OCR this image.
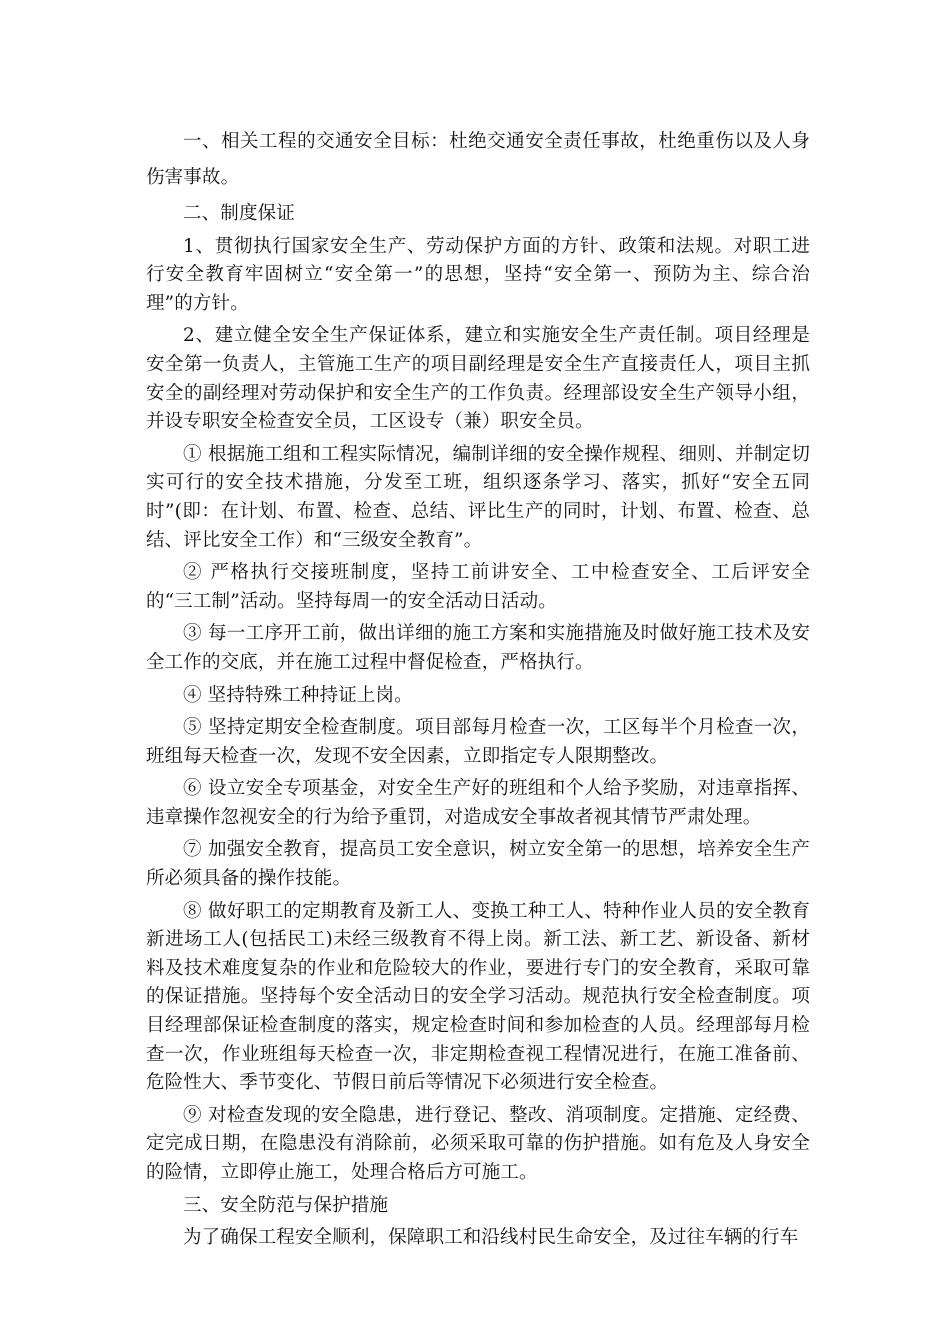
一、相关工程的交通安全目标：杜绝交通安全责任事故，杜绝重伤以及人身伤害事故。

二、制度保证

1、贯彻执行国家安全生产、劳动保护方面的方针、政策和法规。对职工进行安全教育牢固树立“安全第一”的思想，坚持“安全第一、预防为主、综合治理”的方针。

2、建立健全安全生产保证体系，建立和实施安全生产责任制。项目经理是安全第一负责人，主管施工生产的项目副经理是安全生产直接责任人，项目主抓安全的副经理对劳动保护和安全生产的工作负责。经理部设安全生产领导小组，并设专职安全检查安全员，工区设专（兼）职安全员。

① 根据施工组和工程实际情况，编制详细的安全操作规程、细则、并制定切实可行的安全技术措施，分发至工班，组织逐条学习、落实，抓好“安全五同时”(即：在计划、布置、检查、总结、评比生产的同时，计划、布置、检查、总结、评比安全工作）和“三级安全教育”。

② 严格执行交接班制度，坚持工前讲安全、工中检查安全、工后评安全的“三工制”活动。坚持每周一的安全活动日活动。

③ 每一工序开工前，做出详细的施工方案和实施措施及时做好施工技术及安全工作的交底，并在施工过程中督促检查，严格执行。

④ 坚持特殊工种持证上岗。

⑤ 坚持定期安全检查制度。项目部每月检查一次，工区每半个月检查一次，班组每天检查一次，发现不安全因素，立即指定专人限期整改。

⑥ 设立安全专项基金，对安全生产好的班组和个人给予奖励，对违章指挥、违章操作忽视安全的行为给予重罚，对造成安全事故者视其情节严肃处理。

⑦ 加强安全教育，提高员工安全意识，树立安全第一的思想，培养安全生产所必须具备的操作技能。

⑧ 做好职工的定期教育及新工人、变换工种工人、特种作业人员的安全教育新进场工人(包括民工)未经三级教育不得上岗。新工法、新工艺、新设备、新材料及技术难度复杂的作业和危险较大的作业，要进行专门的安全教育，采取可靠的保证措施。坚持每个安全活动日的安全学习活动。规范执行安全检查制度。项目经理部保证检查制度的落实，规定检查时间和参加检查的人员。经理部每月检查一次，作业班组每天检查一次，非定期检查视工程情况进行，在施工准备前、危险性大、季节变化、节假日前后等情况下必须进行安全检查。

⑨ 对检查发现的安全隐患，进行登记、整改、消项制度。定措施、定经费、定完成日期，在隐患没有消除前，必须采取可靠的伤护措施。如有危及人身安全的险情，立即停止施工，处理合格后方可施工。

三、安全防范与保护措施

为了确保工程安全顺利，保障职工和沿线村民生命安全，及过往车辆的行车
